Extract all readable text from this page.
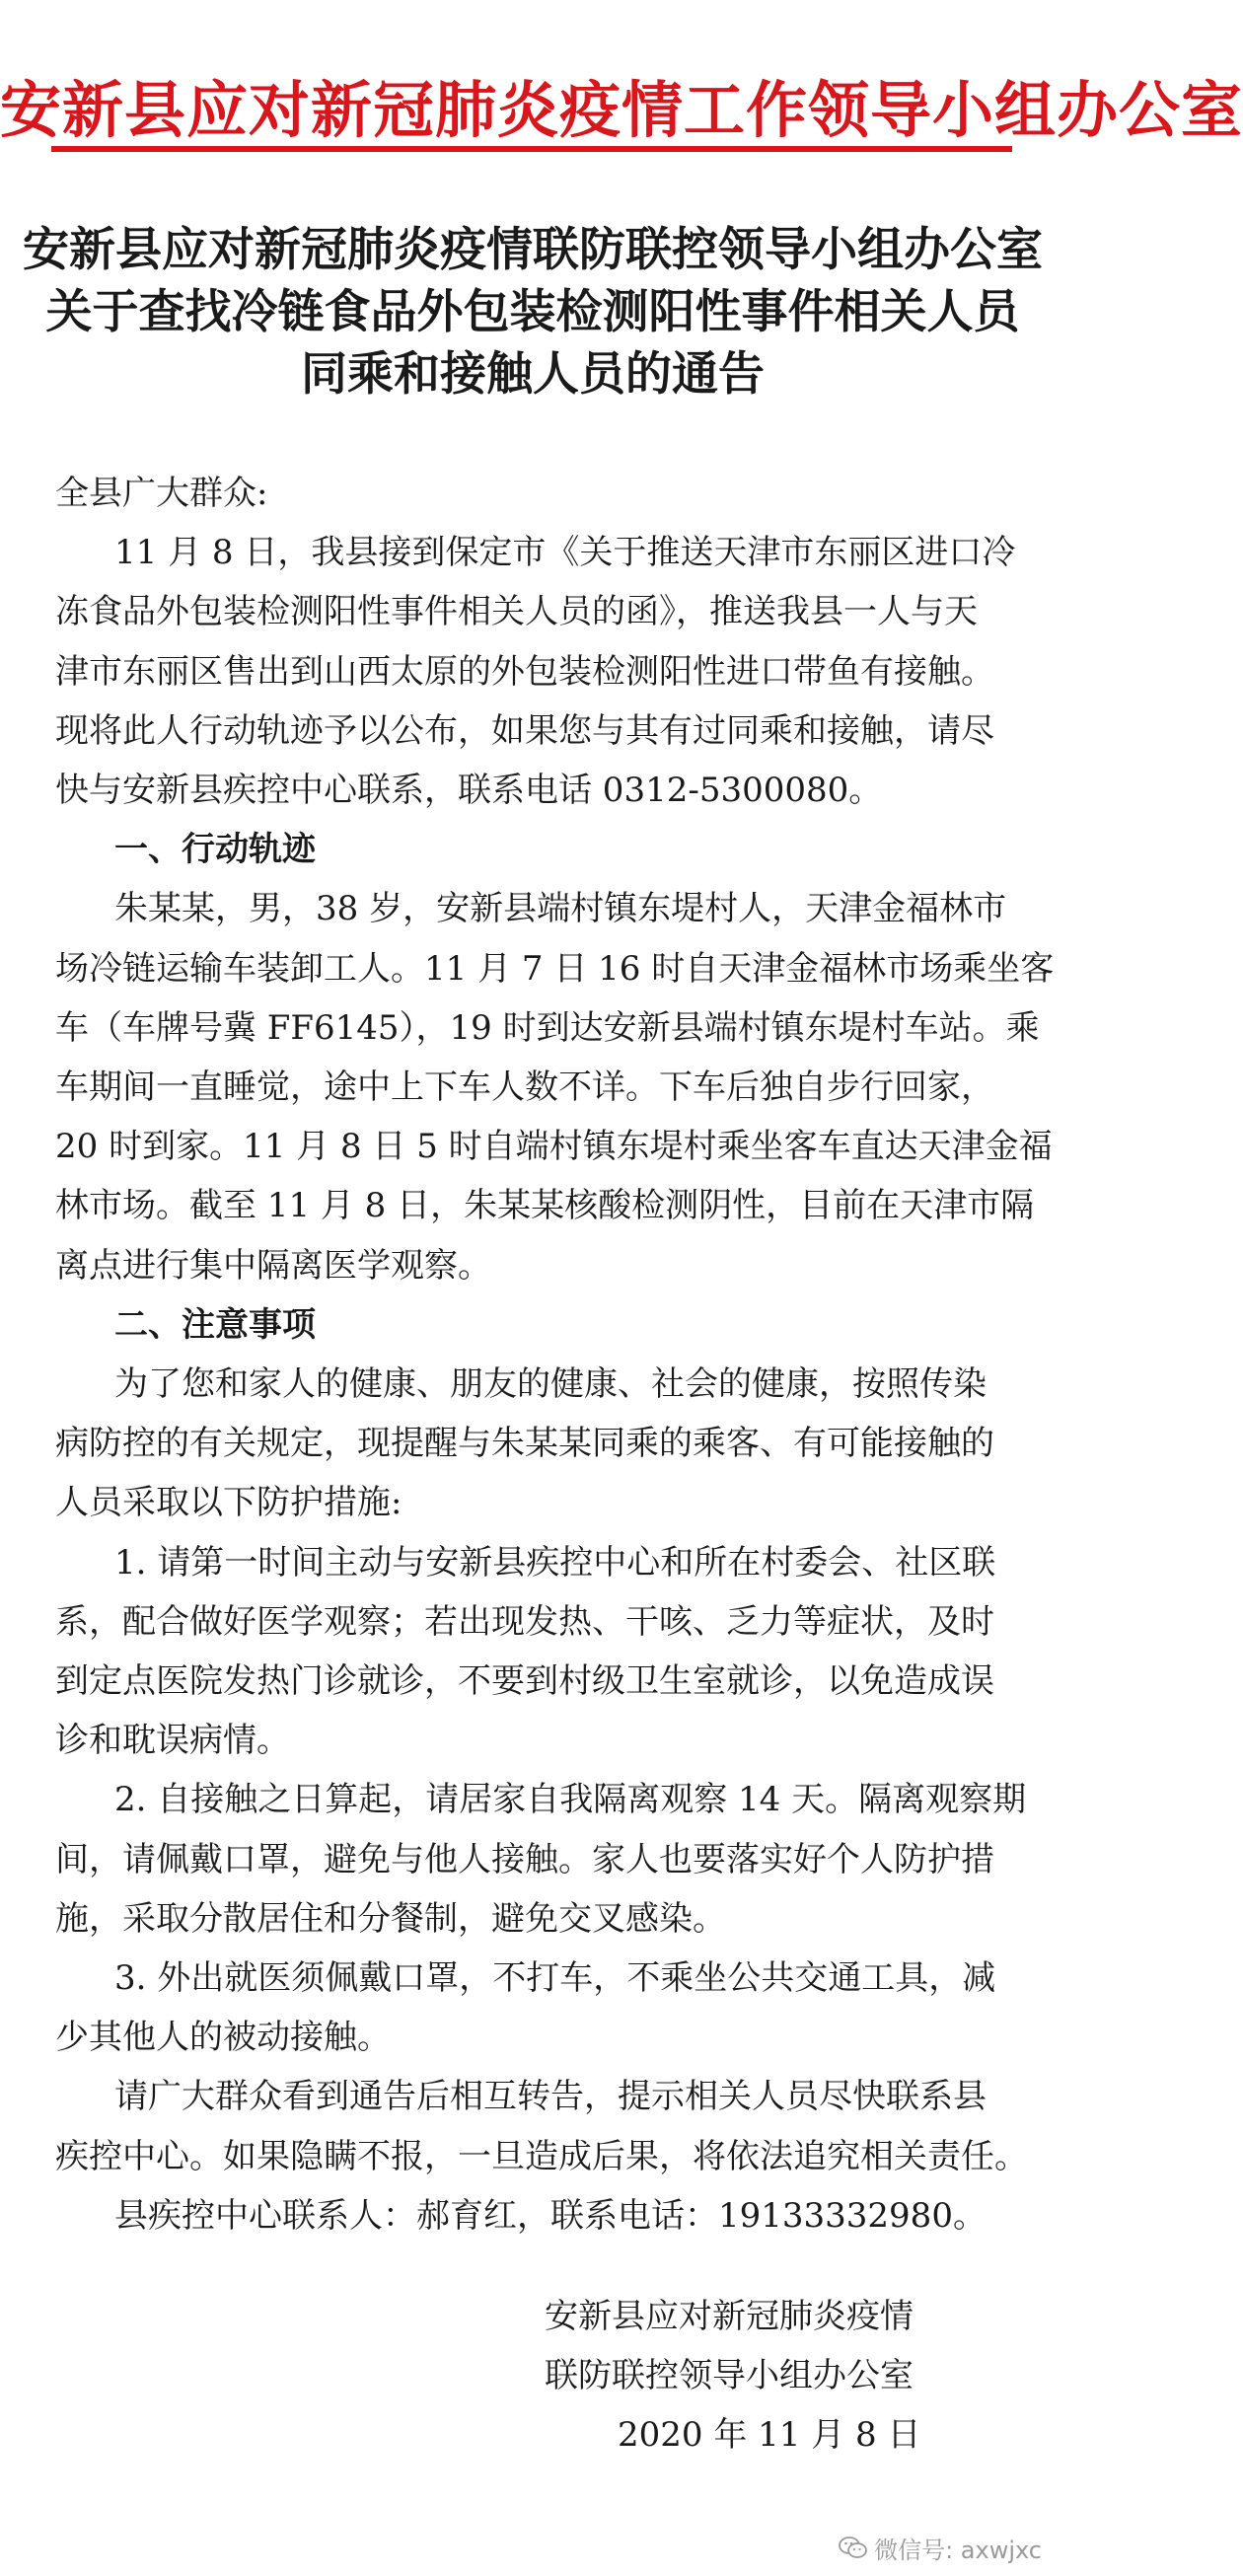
安新县应对新冠肺炎疫情工作领导小组办公室
安新县应对新冠肺炎疫情联防联控领导小组办公室
关于查找冷链食品外包装检测阳性事件相关人员
同乘和接触人员的通告

全县广大群众:

11 月 8 日，我县接到保定市《关于推送天津市东丽区进口冷

冻食品外包装检测阳性事件相关人员的函》，推送我县一人与天

津市东丽区售出到山西太原的外包装检测阳性进口带鱼有接触。

现将此人行动轨迹予以公布，如果您与其有过同乘和接触，请尽

快与安新县疾控中心联系，联系电话 0312-5300080。

一、行动轨迹

朱某某，男，38 岁，安新县端村镇东堤村人，天津金福林市

场冷链运输车装卸工人。11 月 7 日 16 时自天津金福林市场乘坐客

车（车牌号冀 FF6145），19 时到达安新县端村镇东堤村车站。乘

车期间一直睡觉，途中上下车人数不详。下车后独自步行回家，

20 时到家。11 月 8 日 5 时自端村镇东堤村乘坐客车直达天津金福

林市场。截至 11 月 8 日，朱某某核酸检测阴性，目前在天津市隔

离点进行集中隔离医学观察。

二、注意事项

为了您和家人的健康、朋友的健康、社会的健康，按照传染

病防控的有关规定，现提醒与朱某某同乘的乘客、有可能接触的

人员采取以下防护措施:

1. 请第一时间主动与安新县疾控中心和所在村委会、社区联

系，配合做好医学观察；若出现发热、干咳、乏力等症状，及时

到定点医院发热门诊就诊，不要到村级卫生室就诊，以免造成误

诊和耽误病情。

2. 自接触之日算起，请居家自我隔离观察 14 天。隔离观察期

间，请佩戴口罩，避免与他人接触。家人也要落实好个人防护措

施，采取分散居住和分餐制，避免交叉感染。

3. 外出就医须佩戴口罩，不打车，不乘坐公共交通工具，减

少其他人的被动接触。

请广大群众看到通告后相互转告，提示相关人员尽快联系县

疾控中心。如果隐瞒不报，一旦造成后果，将依法追究相关责任。

县疾控中心联系人：郝育红，联系电话：19133332980。

安新县应对新冠肺炎疫情

联防联控领导小组办公室

2020 年 11 月 8 日

微信号: axwjxc
